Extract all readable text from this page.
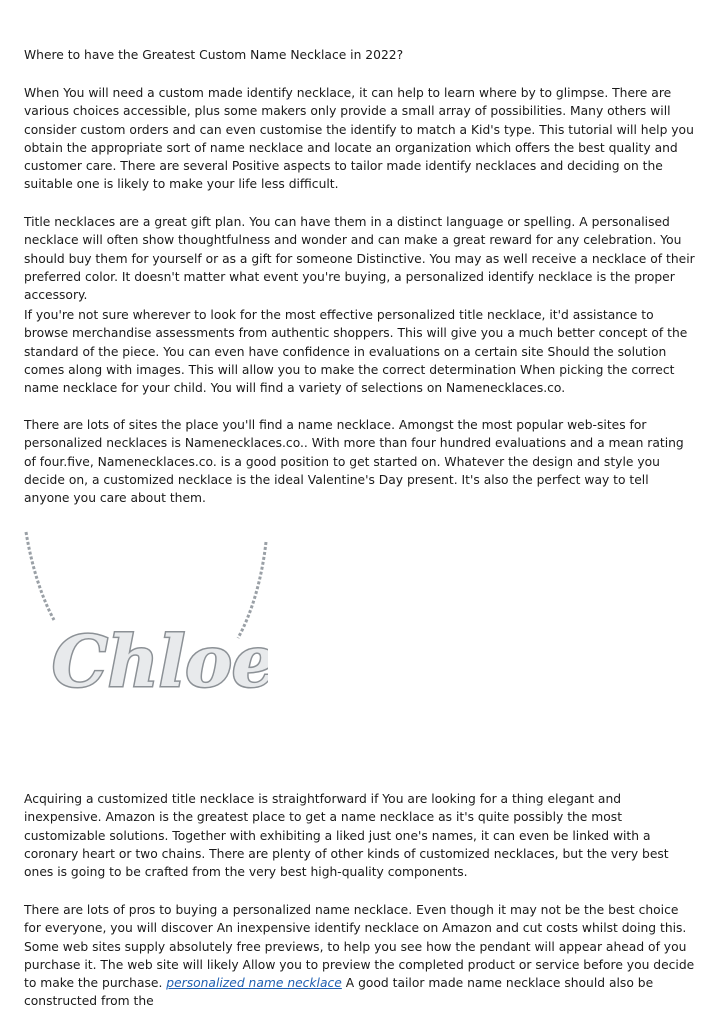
Where to have the Greatest Custom Name Necklace in 2022?

When You will need a custom made identify necklace, it can help to learn where by to glimpse. There are various choices accessible, plus some makers only provide a small array of possibilities. Many others will consider custom orders and can even customise the identify to match a Kid's type. This tutorial will help you obtain the appropriate sort of name necklace and locate an organization which offers the best quality and customer care. There are several Positive aspects to tailor made identify necklaces and deciding on the suitable one is likely to make your life less difficult.

Title necklaces are a great gift plan. You can have them in a distinct language or spelling. A personalised necklace will often show thoughtfulness and wonder and can make a great reward for any celebration. You should buy them for yourself or as a gift for someone Distinctive. You may as well receive a necklace of their preferred color. It doesn't matter what event you're buying, a personalized identify necklace is the proper accessory.

If you're not sure wherever to look for the most effective personalized title necklace, it'd assistance to browse merchandise assessments from authentic shoppers. This will give you a much better concept of the standard of the piece. You can even have confidence in evaluations on a certain site Should the solution comes along with images. This will allow you to make the correct determination When picking the correct name necklace for your child. You will find a variety of selections on Namenecklaces.co.

There are lots of sites the place you'll find a name necklace. Amongst the most popular web-sites for personalized necklaces is Namenecklaces.co.. With more than four hundred evaluations and a mean rating of four.five, Namenecklaces.co. is a good position to get started on. Whatever the design and style you decide on, a customized necklace is the ideal Valentine's Day present. It's also the perfect way to tell anyone you care about them.

Chloe

Acquiring a customized title necklace is straightforward if You are looking for a thing elegant and inexpensive. Amazon is the greatest place to get a name necklace as it's quite possibly the most customizable solutions. Together with exhibiting a liked just one's names, it can even be linked with a coronary heart or two chains. There are plenty of other kinds of customized necklaces, but the very best ones is going to be crafted from the very best high-quality components.

There are lots of pros to buying a personalized name necklace. Even though it may not be the best choice for everyone, you will discover An inexpensive identify necklace on Amazon and cut costs whilst doing this. Some web sites supply absolutely free previews, to help you see how the pendant will appear ahead of you purchase it. The web site will likely Allow you to preview the completed product or service before you decide to make the purchase. personalized name necklace A good tailor made name necklace should also be constructed from the
